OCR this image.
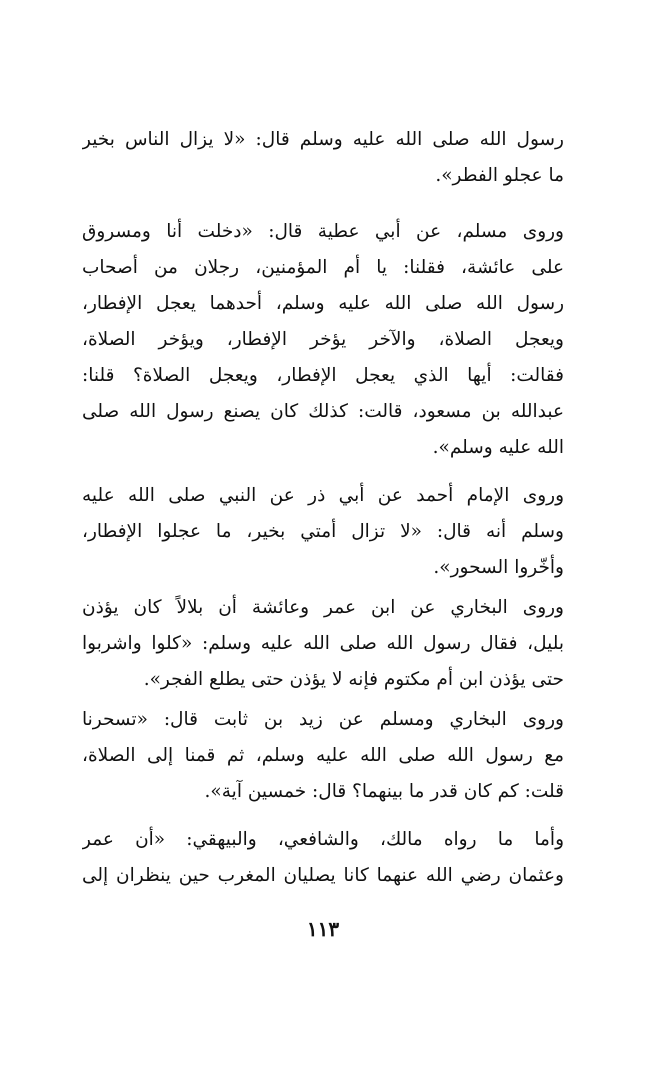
رسول الله صلى الله عليه وسلم قال: «لا يزال الناس بخير
ما عجلو الفطر».
وروى مسلم، عن أبي عطية قال: «دخلت أنا ومسروق
على عائشة، فقلنا: يا أم المؤمنين، رجلان من أصحاب
رسول الله صلى الله عليه وسلم، أحدهما يعجل الإفطار،
ويعجل الصلاة، والآخر يؤخر الإفطار، ويؤخر الصلاة،
فقالت: أيها الذي يعجل الإفطار، ويعجل الصلاة؟ قلنا:
عبدالله بن مسعود، قالت: كذلك كان يصنع رسول الله صلى
الله عليه وسلم».
وروى الإمام أحمد عن أبي ذر عن النبي صلى الله عليه
وسلم أنه قال: «لا تزال أمتي بخير، ما عجلوا الإفطار،
وأخّروا السحور».
وروى البخاري عن ابن عمر وعائشة أن بلالاً كان يؤذن
بليل، فقال رسول الله صلى الله عليه وسلم: «كلوا واشربوا
حتى يؤذن ابن أم مكتوم فإنه لا يؤذن حتى يطلع الفجر».
وروى البخاري ومسلم عن زيد بن ثابت قال: «تسحرنا
مع رسول الله صلى الله عليه وسلم، ثم قمنا إلى الصلاة،
قلت: كم كان قدر ما بينهما؟ قال: خمسين آية».
وأما ما رواه مالك، والشافعي، والبيهقي: «أن عمر
وعثمان رضي الله عنهما كانا يصليان المغرب حين ينظران إلى
١١٣
